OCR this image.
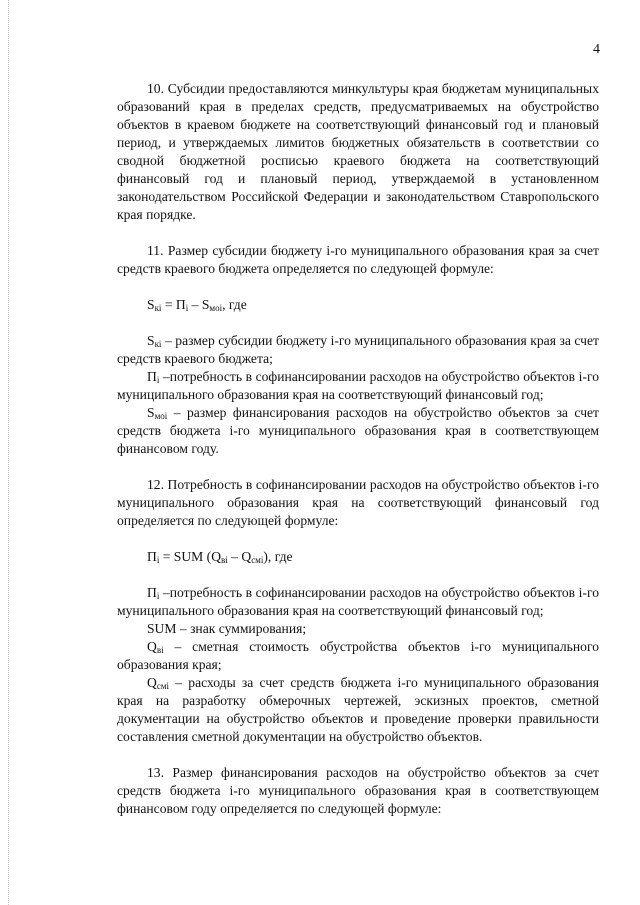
4

10. Субсидии предоставляются минкультуры края бюджетам муниципальных образований края в пределах средств, предусматриваемых на обустройство объектов в краевом бюджете на соответствующий финансовый год и плановый период, и утверждаемых лимитов бюджетных обязательств в соответствии со сводной бюджетной росписью краевого бюджета на соответствующий финансовый год и плановый период, утверждаемой в установленном законодательством Российской Федерации и законодательством Ставропольского края порядке.

11. Размер субсидии бюджету i-го муниципального образования края за счет средств краевого бюджета определяется по следующей формуле:

$S_{кi} = П_i - S_{моi}$, где

$S_{кi}$ – размер субсидии бюджету i-го муниципального образования края за счет средств краевого бюджета;

$П_i$ –потребность в софинансировании расходов на обустройство объектов i-го муниципального образования края на соответствующий финансовый год;

$S_{моi}$ – размер финансирования расходов на обустройство объектов за счет средств бюджета i-го муниципального образования края в соответствующем финансовом году.

12. Потребность в софинансировании расходов на обустройство объектов i-го муниципального образования края на соответствующий финансовый год определяется по следующей формуле:

$П_i$ = SUM $(Q_{вi} - Q_{смi})$, где

$П_i$ –потребность в софинансировании расходов на обустройство объектов i-го муниципального образования края на соответствующий финансовый год;

SUM – знак суммирования;

$Q_{вi}$ – сметная стоимость обустройства объектов i-го муниципального образования края;

$Q_{смi}$ – расходы за счет средств бюджета i-го муниципального образования края на разработку обмерочных чертежей, эскизных проектов, сметной документации на обустройство объектов и проведение проверки правильности составления сметной документации на обустройство объектов.

13. Размер финансирования расходов на обустройство объектов за счет средств бюджета i-го муниципального образования края в соответствующем финансовом году определяется по следующей формуле:
